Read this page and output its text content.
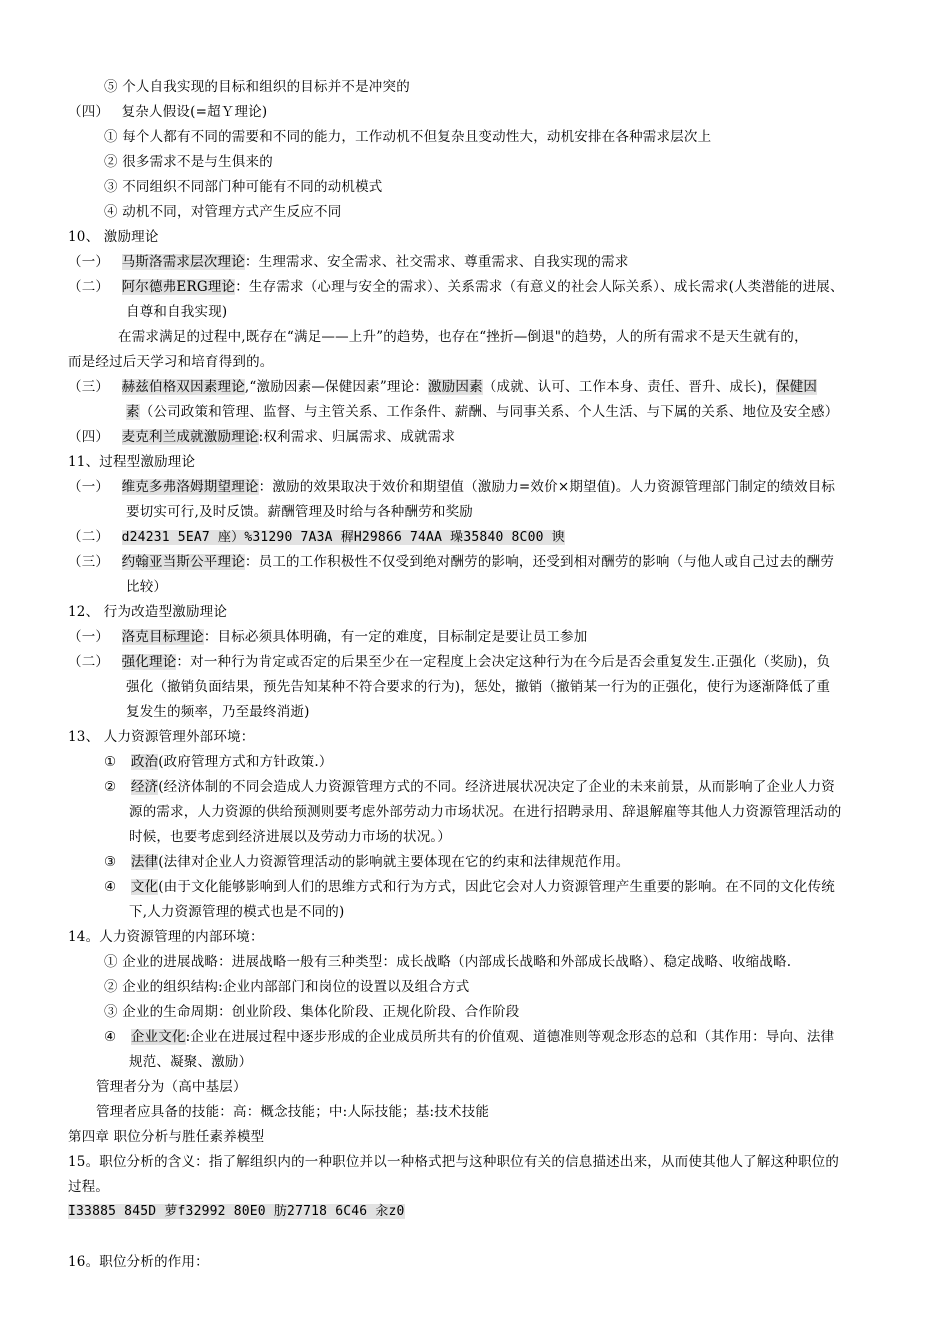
⑤ 个人自我实现的目标和组织的目标并不是冲突的
（四） 复杂人假设(=超Ｙ理论)
① 每个人都有不同的需要和不同的能力，工作动机不但复杂且变动性大，动机安排在各种需求层次上
② 很多需求不是与生俱来的
③ 不同组织不同部门种可能有不同的动机模式
④ 动机不同，对管理方式产生反应不同
10、 激励理论
（一） 马斯洛需求层次理论：生理需求、安全需求、社交需求、尊重需求、自我实现的需求
（二） 阿尔德弗ERG理论：生存需求（心理与安全的需求）、关系需求（有意义的社会人际关系）、成长需求(人类潜能的进展、
自尊和自我实现)
在需求满足的过程中,既存在“满足——上升”的趋势，也存在“挫折—倒退"的趋势，人的所有需求不是天生就有的，
而是经过后天学习和培育得到的。
（三） 赫兹伯格双因素理论,“激励因素—保健因素”理论：激励因素（成就、认可、工作本身、责任、晋升、成长)，保健因
素（公司政策和管理、监督、与主管关系、工作条件、薪酬、与同事关系、个人生活、与下属的关系、地位及安全感）
（四） 麦克利兰成就激励理论:权利需求、归属需求、成就需求
11、过程型激励理论
（一） 维克多弗洛姆期望理论：激励的效果取决于效价和期望值（激励力=效价×期望值)。人力资源管理部门制定的绩效目标
要切实可行,及时反馈。薪酬管理及时给与各种酬劳和奖励
（二） d24231 5EA7 座）%31290 7A3A 稺H29866 74AA 璪35840 8C00 谀
（三） 约翰亚当斯公平理论：员工的工作积极性不仅受到绝对酬劳的影响，还受到相对酬劳的影响（与他人或自己过去的酬劳
比较）
12、 行为改造型激励理论
（一） 洛克目标理论：目标必须具体明确，有一定的难度，目标制定是要让员工参加
（二） 强化理论：对一种行为肯定或否定的后果至少在一定程度上会决定这种行为在今后是否会重复发生.正强化（奖励)，负
强化（撤销负面结果，预先告知某种不符合要求的行为)，惩处，撤销（撤销某一行为的正强化，使行为逐渐降低了重
复发生的频率，乃至最终消逝)
13、 人力资源管理外部环境：
① 政治(政府管理方式和方针政策.）
② 经济(经济体制的不同会造成人力资源管理方式的不同。经济进展状况决定了企业的未来前景，从而影响了企业人力资
源的需求，人力资源的供给预测则要考虑外部劳动力市场状况。在进行招聘录用、辞退解雇等其他人力资源管理活动的
时候，也要考虑到经济进展以及劳动力市场的状况。）
③ 法律(法律对企业人力资源管理活动的影响就主要体现在它的约束和法律规范作用。
④ 文化(由于文化能够影响到人们的思维方式和行为方式，因此它会对人力资源管理产生重要的影响。在不同的文化传统
下,人力资源管理的模式也是不同的)
14。人力资源管理的内部环境：
① 企业的进展战略：进展战略一般有三种类型：成长战略（内部成长战略和外部成长战略）、稳定战略、收缩战略.
② 企业的组织结构:企业内部部门和岗位的设置以及组合方式
③ 企业的生命周期：创业阶段、集体化阶段、正规化阶段、合作阶段
④ 企业文化:企业在进展过程中逐步形成的企业成员所共有的价值观、道德准则等观念形态的总和（其作用：导向、法律
规范、凝聚、激励）
管理者分为（高中基层）
管理者应具备的技能：高：概念技能；中:人际技能；基:技术技能
第四章 职位分析与胜任素养模型
15。职位分析的含义：指了解组织内的一种职位并以一种格式把与这种职位有关的信息描述出来，从而使其他人了解这种职位的
过程。
I33885 845D 萝f32992 80E0 肪27718 6C46 汆z0
16。职位分析的作用：
